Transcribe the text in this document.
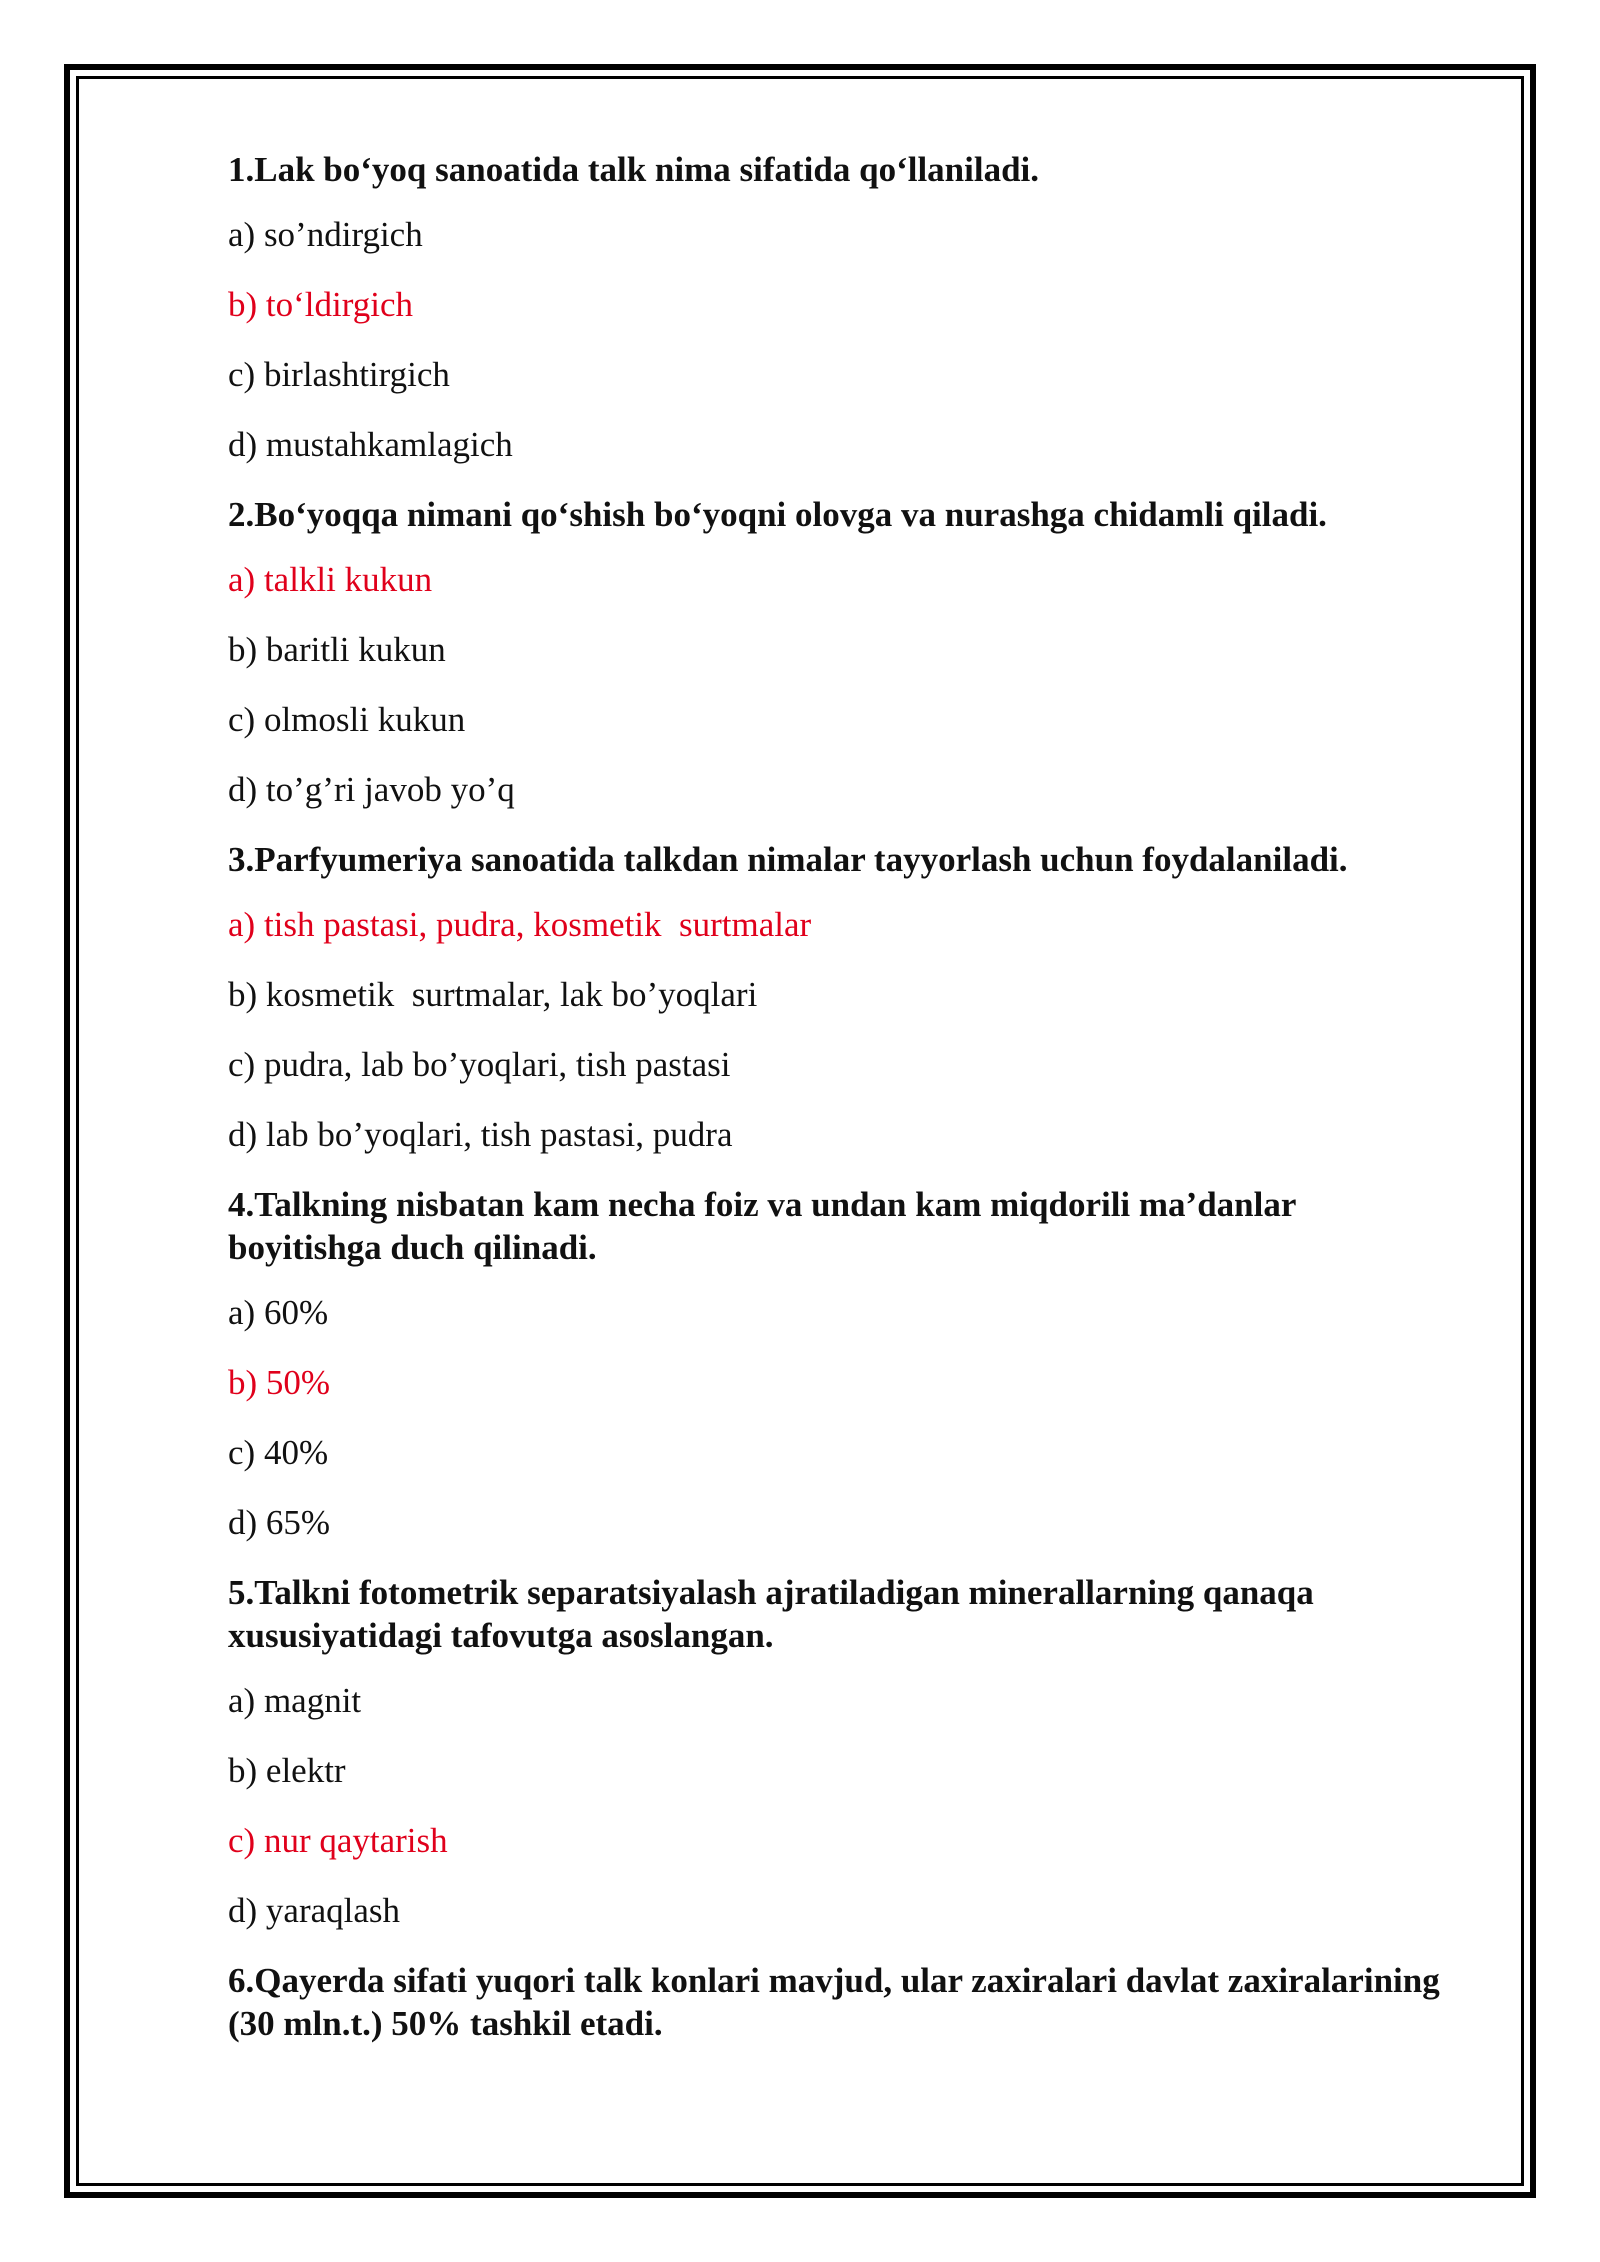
1.Lak bo‘yoq sanoatida talk nima sifatida qo‘llaniladi.

a) so’ndirgich

b) to‘ldirgich

c) birlashtirgich

d) mustahkamlagich

2.Bo‘yoqqa nimani qo‘shish bo‘yoqni olovga va nurashga chidamli qiladi.

a) talkli kukun

b) baritli kukun

c) olmosli kukun

d) to’g’ri javob yo’q

3.Parfyumeriya sanoatida talkdan nimalar tayyorlash uchun foydalaniladi.

a) tish pastasi, pudra, kosmetik  surtmalar

b) kosmetik  surtmalar, lak bo’yoqlari

c) pudra, lab bo’yoqlari, tish pastasi

d) lab bo’yoqlari, tish pastasi, pudra

4.Talkning nisbatan kam necha foiz va undan kam miqdorili ma’danlar boyitishga duch qilinadi.

a) 60%

b) 50%

c) 40%

d) 65%

5.Talkni fotometrik separatsiyalash ajratiladigan minerallarning qanaqa xususiyatidagi tafovutga asoslangan.

a) magnit

b) elektr

c) nur qaytarish

d) yaraqlash

6.Qayerda sifati yuqori talk konlari mavjud, ular zaxiralari davlat zaxiralarining (30 mln.t.) 50% tashkil etadi.
